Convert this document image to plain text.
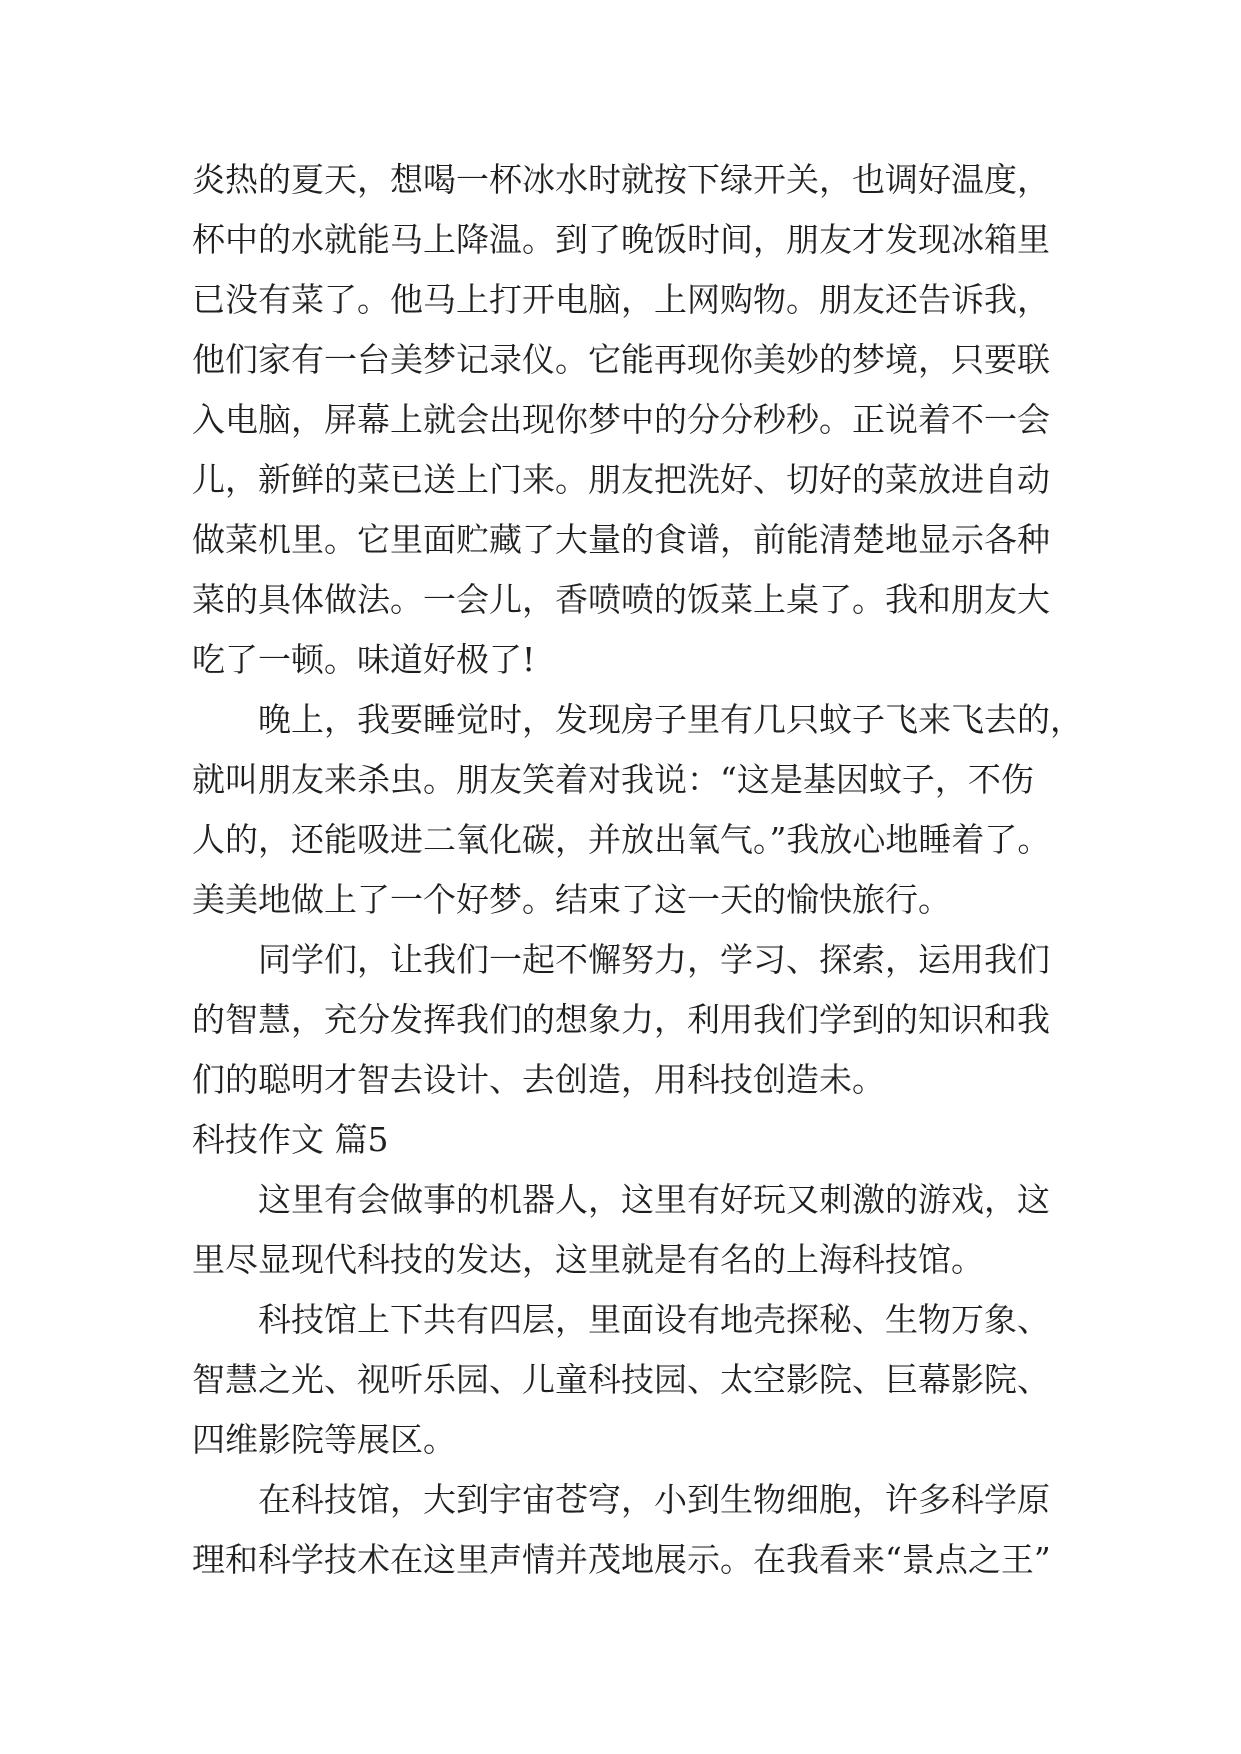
炎热的夏天，想喝一杯冰水时就按下绿开关，也调好温度，
杯中的水就能马上降温。到了晚饭时间，朋友才发现冰箱里
已没有菜了。他马上打开电脑，上网购物。朋友还告诉我，
他们家有一台美梦记录仪。它能再现你美妙的梦境，只要联
入电脑，屏幕上就会出现你梦中的分分秒秒。正说着不一会
儿，新鲜的菜已送上门来。朋友把洗好、切好的菜放进自动
做菜机里。它里面贮藏了大量的食谱，前能清楚地显示各种
菜的具体做法。一会儿，香喷喷的饭菜上桌了。我和朋友大
吃了一顿。味道好极了!
晚上，我要睡觉时，发现房子里有几只蚊子飞来飞去的，
就叫朋友来杀虫。朋友笑着对我说：“这是基因蚊子，不伤
人的，还能吸进二氧化碳，并放出氧气。”我放心地睡着了。
美美地做上了一个好梦。结束了这一天的愉快旅行。
同学们，让我们一起不懈努力，学习、探索，运用我们
的智慧，充分发挥我们的想象力，利用我们学到的知识和我
们的聪明才智去设计、去创造，用科技创造未。
科技作文 篇5
这里有会做事的机器人，这里有好玩又刺激的游戏，这
里尽显现代科技的发达，这里就是有名的上海科技馆。
科技馆上下共有四层，里面设有地壳探秘、生物万象、
智慧之光、视听乐园、儿童科技园、太空影院、巨幕影院、
四维影院等展区。
在科技馆，大到宇宙苍穹，小到生物细胞，许多科学原
理和科学技术在这里声情并茂地展示。在我看来“景点之王”
